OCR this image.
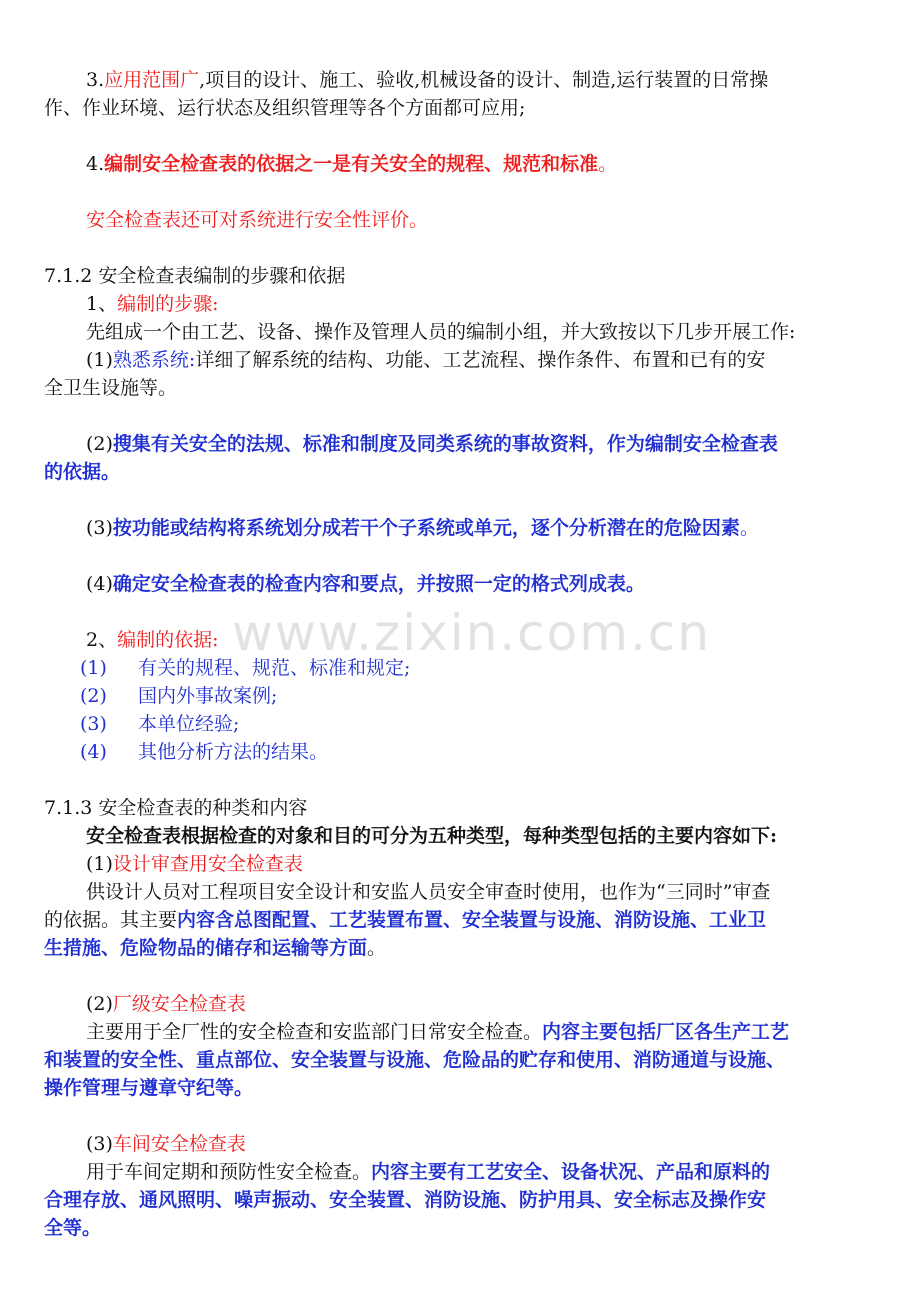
3.应用范围广,项目的设计、施工、验收,机械设备的设计、制造,运行装置的日常操
作、作业环境、运行状态及组织管理等各个方面都可应用;
4.编制安全检查表的依据之一是有关安全的规程、规范和标准。
安全检查表还可对系统进行安全性评价。
7.1.2 安全检查表编制的步骤和依据
1、编制的步骤:
先组成一个由工艺、设备、操作及管理人员的编制小组，并大致按以下几步开展工作:
(1)熟悉系统:详细了解系统的结构、功能、工艺流程、操作条件、布置和已有的安
全卫生设施等。
(2)搜集有关安全的法规、标准和制度及同类系统的事故资料，作为编制安全检查表
的依据。
(3)按功能或结构将系统划分成若干个子系统或单元，逐个分析潜在的危险因素。
(4)确定安全检查表的检查内容和要点，并按照一定的格式列成表。
2、编制的依据:
(1) 有关的规程、规范、标准和规定;
(2) 国内外事故案例;
(3) 本单位经验;
(4) 其他分析方法的结果。
7.1.3 安全检查表的种类和内容
安全检查表根据检查的对象和目的可分为五种类型，每种类型包括的主要内容如下:
(1)设计审查用安全检查表
供设计人员对工程项目安全设计和安监人员安全审查时使用，也作为“三同时”审查
的依据。其主要内容含总图配置、工艺装置布置、安全装置与设施、消防设施、工业卫
生措施、危险物品的储存和运输等方面。
(2)厂级安全检查表
主要用于全厂性的安全检查和安监部门日常安全检查。内容主要包括厂区各生产工艺
和装置的安全性、重点部位、安全装置与设施、危险品的贮存和使用、消防通道与设施、
操作管理与遵章守纪等。
(3)车间安全检查表
用于车间定期和预防性安全检查。内容主要有工艺安全、设备状况、产品和原料的
合理存放、通风照明、噪声振动、安全装置、消防设施、防护用具、安全标志及操作安
全等。
www.zixin.com.cn
